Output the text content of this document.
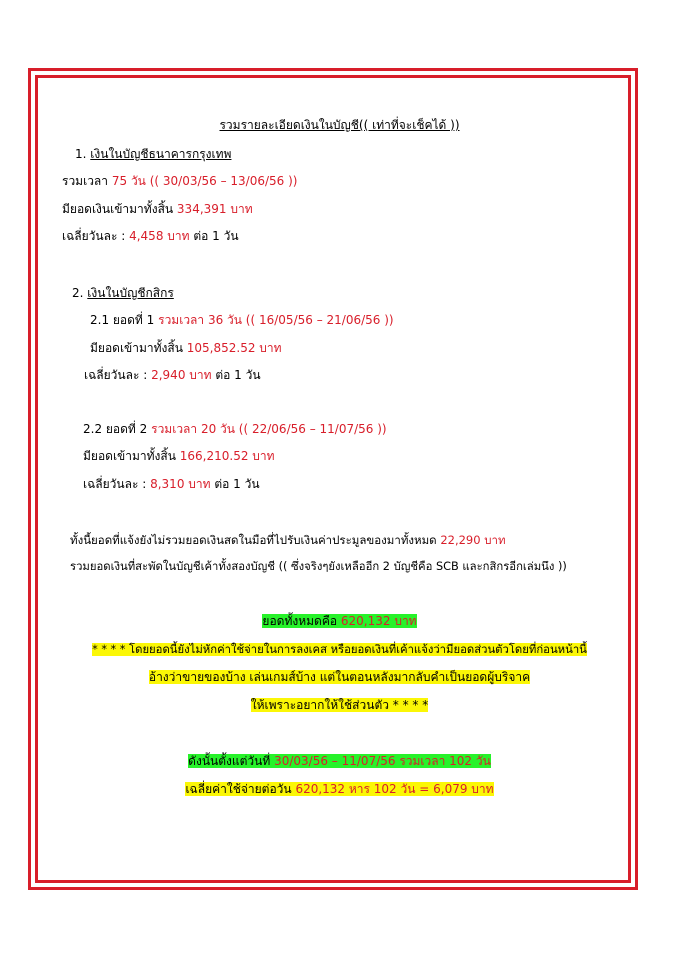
รวมรายละเอียดเงินในบัญชี(( เท่าที่จะเช็คได้ ))
1. เงินในบัญชีธนาคารกรุงเทพ
รวมเวลา 75 วัน (( 30/03/56 – 13/06/56 ))
มียอดเงินเข้ามาทั้งสิ้น 334,391 บาท
เฉลี่ยวันละ : 4,458 บาท ต่อ 1 วัน
2. เงินในบัญชีกสิกร
2.1 ยอดที่ 1 รวมเวลา 36 วัน (( 16/05/56 – 21/06/56 ))
มียอดเข้ามาทั้งสิ้น 105,852.52 บาท
เฉลี่ยวันละ : 2,940 บาท ต่อ 1 วัน
2.2 ยอดที่ 2 รวมเวลา 20 วัน (( 22/06/56 – 11/07/56 ))
มียอดเข้ามาทั้งสิ้น 166,210.52 บาท
เฉลี่ยวันละ : 8,310 บาท ต่อ 1 วัน
ทั้งนี้ยอดที่แจ้งยังไม่รวมยอดเงินสดในมือที่ไปรับเงินค่าประมูลของมาทั้งหมด 22,290 บาท
รวมยอดเงินที่สะพัดในบัญชีเค้าทั้งสองบัญชี (( ซึ่งจริงๆยังเหลืออีก 2 บัญชีคือ SCB และกสิกรอีกเล่มนึง ))
ยอดทั้งหมดคือ 620,132 บาท
* * * * โดยยอดนี้ยังไม่หักค่าใช้จ่ายในการลงเคส หรือยอดเงินที่เค้าแจ้งว่ามียอดส่วนตัวโดยที่ก่อนหน้านี้
อ้างว่าขายของบ้าง เล่นเกมส์บ้าง แต่ในตอนหลังมากลับคำเป็นยอดผู้บริจาค
ให้เพราะอยากให้ใช้ส่วนตัว * * * *
ดังนั้นตั้งแต่วันที่ 30/03/56 – 11/07/56 รวมเวลา 102 วัน
เฉลี่ยค่าใช้จ่ายต่อวัน 620,132 หาร 102 วัน = 6,079 บาท
